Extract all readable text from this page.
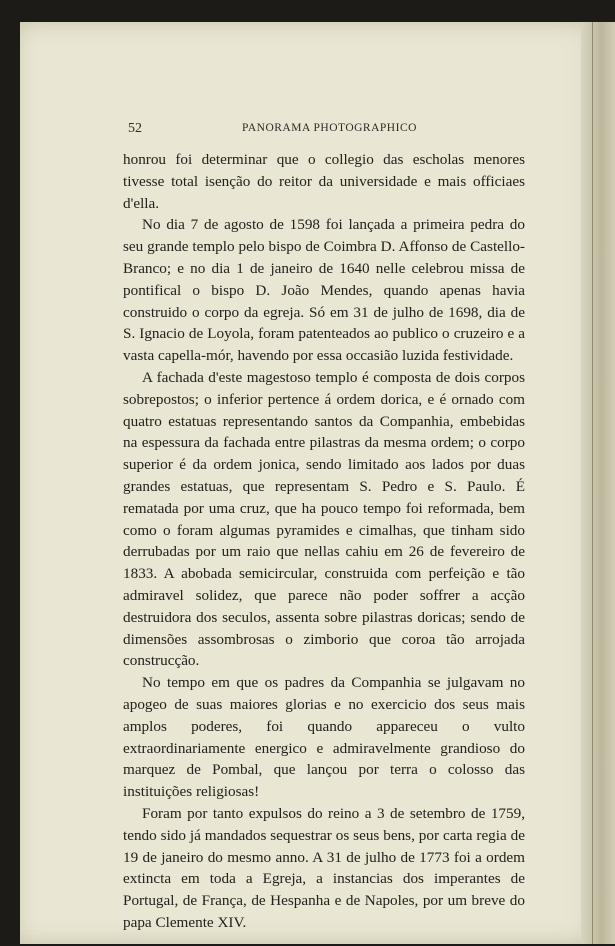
52	PANORAMA PHOTOGRAPHICO

honrou foi determinar que o collegio das escholas menores tivesse total isenção do reitor da universidade e mais officiaes d'ella.

No dia 7 de agosto de 1598 foi lançada a primeira pedra do seu grande templo pelo bispo de Coimbra D. Affonso de Castello-Branco; e no dia 1 de janeiro de 1640 nelle celebrou missa de pontifical o bispo D. João Mendes, quando apenas havia construido o corpo da egreja. Só em 31 de julho de 1698, dia de S. Ignacio de Loyola, foram patenteados ao publico o cruzeiro e a vasta capella-mór, havendo por essa occasião luzida festividade.

A fachada d'este magestoso templo é composta de dois corpos sobrepostos; o inferior pertence á ordem dorica, e é ornado com quatro estatuas representando santos da Companhia, embebidas na espessura da fachada entre pilastras da mesma ordem; o corpo superior é da ordem jonica, sendo limitado aos lados por duas grandes estatuas, que representam S. Pedro e S. Paulo. É rematada por uma cruz, que ha pouco tempo foi reformada, bem como o foram algumas pyramides e cimalhas, que tinham sido derrubadas por um raio que nellas cahiu em 26 de fevereiro de 1833. A abobada semicircular, construida com perfeição e tão admiravel solidez, que parece não poder soffrer a acção destruidora dos seculos, assenta sobre pilastras doricas; sendo de dimensões assombrosas o zimborio que coroa tão arrojada construcção.

No tempo em que os padres da Companhia se julgavam no apogeo de suas maiores glorias e no exercicio dos seus mais amplos poderes, foi quando appareceu o vulto extraordinariamente energico e admiravelmente grandioso do marquez de Pombal, que lançou por terra o colosso das instituições religiosas!

Foram por tanto expulsos do reino a 3 de setembro de 1759, tendo sido já mandados sequestrar os seus bens, por carta regia de 19 de janeiro do mesmo anno. A 31 de julho de 1773 foi a ordem extincta em toda a Egreja, a instancias dos imperantes de Portugal, de França, de Hespanha e de Napoles, por um breve do papa Clemente XIV.
